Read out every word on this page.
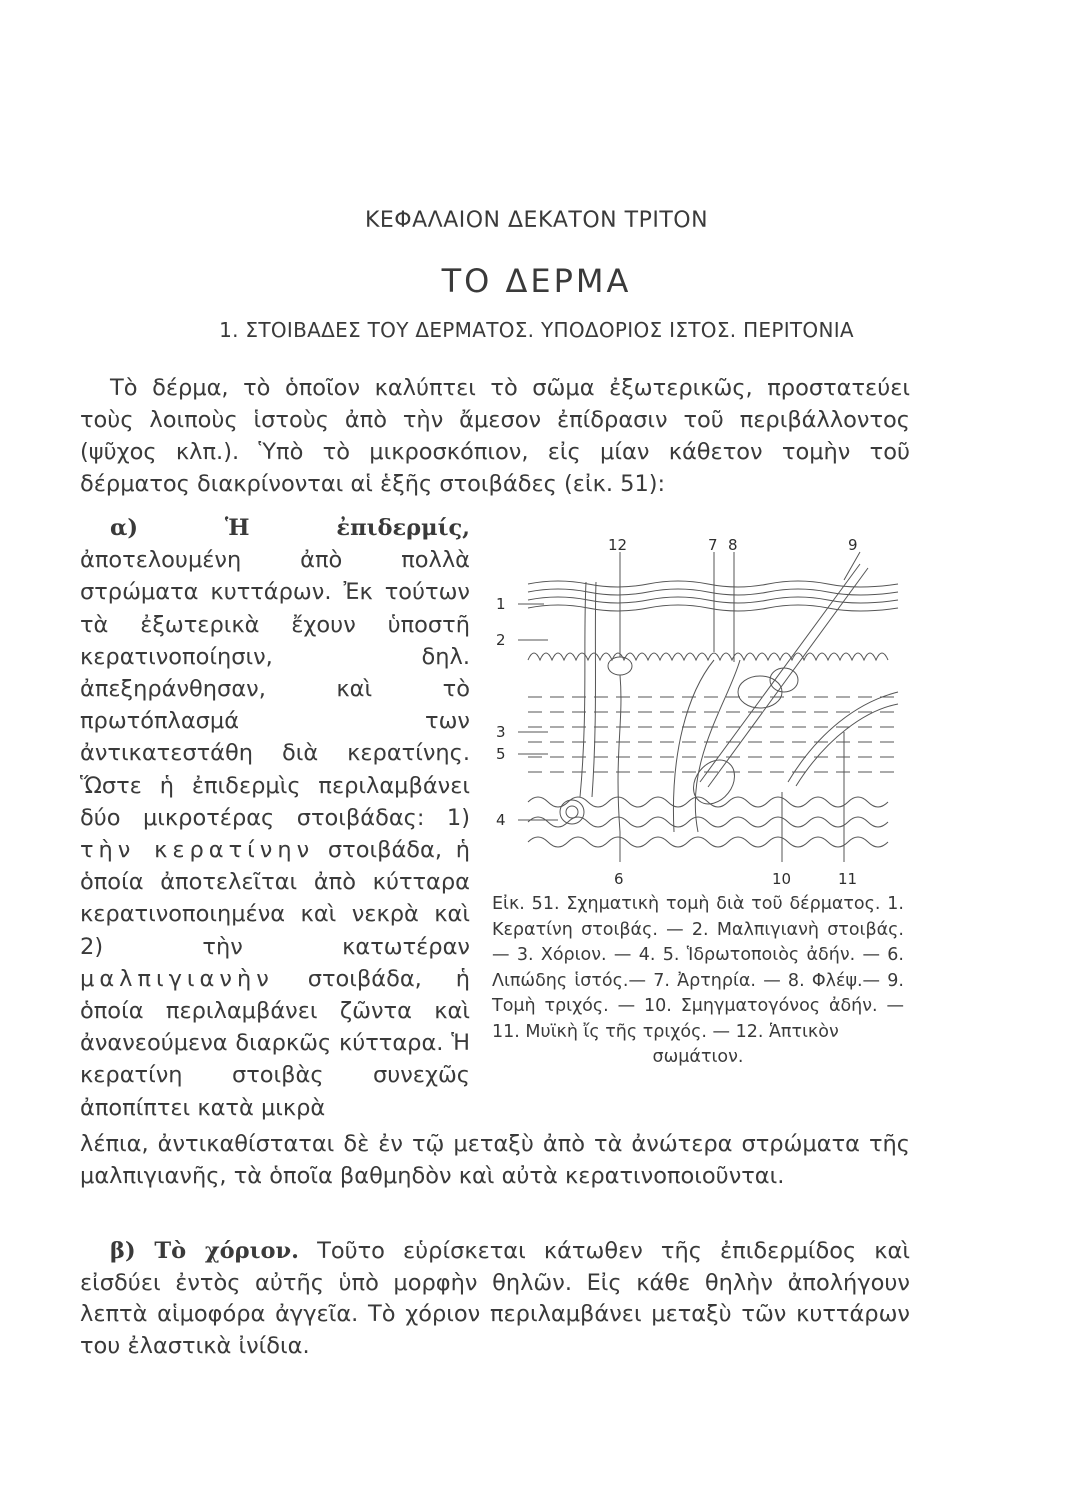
ΚΕΦΑΛΑΙΟΝ ΔΕΚΑΤΟΝ ΤΡΙΤΟΝ
ΤΟ ΔΕΡΜΑ
1. ΣΤΟΙΒΑΔΕΣ ΤΟΥ ΔΕΡΜΑΤΟΣ. ΥΠΟΔΟΡΙΟΣ ΙΣΤΟΣ. ΠΕΡΙΤΟΝΙΑ
Τὸ δέρμα, τὸ ὁποῖον καλύπτει τὸ σῶμα ἐξωτερικῶς, προστατεύει τοὺς λοιποὺς ἱστοὺς ἀπὸ τὴν ἄμεσον ἐπίδρασιν τοῦ περιβάλλοντος (ψῦχος κλπ.). Ὑπὸ τὸ μικροσκόπιον, εἰς μίαν κάθετον τομὴν τοῦ δέρματος διακρίνονται αἱ ἑξῆς στοιβάδες (εἰκ. 51):
α) Ἡ ἐπιδερμίς, ἀποτελουμένη ἀπὸ πολλὰ στρώματα κυττάρων. Ἐκ τούτων τὰ ἐξωτερικὰ ἔχουν ὑποστῆ κερατινοποίησιν, δηλ. ἀπεξηράνθησαν, καὶ τὸ πρωτόπλασμά των ἀντικατεστάθη διὰ κερατίνης. Ὥστε ἡ ἐπιδερμὶς περιλαμβάνει δύο μικροτέρας στοιβάδας: 1) τὴν κερατίνην στοιβάδα, ἡ ὁποία ἀποτελεῖται ἀπὸ κύτταρα κερατινοποιημένα καὶ νεκρὰ καὶ 2) τὴν κατωτέραν μαλπιγιανὴν στοιβάδα, ἡ ὁποία περιλαμβάνει ζῶντα καὶ ἀνανεούμενα διαρκῶς κύτταρα. Ἡ κερατίνη στοιβὰς συνεχῶς ἀποπίπτει κατὰ μικρὰ
12	7 8	9
1
2
3
5
4
6	10	11
Εἰκ. 51. Σχηματικὴ τομὴ διὰ τοῦ δέρματος. 1. Κερατίνη στοιβάς. — 2. Μαλπιγιανὴ στοιβάς. — 3. Χόριον. — 4. 5. Ἱδρωτοποιὸς ἀδήν. — 6. Λιπώδης ἱστός.— 7. Ἀρτηρία. — 8. Φλέψ.— 9. Τομὴ τριχός. — 10. Σμηγματογόνος ἀδήν. — 11. Μυϊκὴ ἴς τῆς τριχός. — 12. Ἁπτικὸν
σωμάτιον.
λέπια, ἀντικαθίσταται δὲ ἐν τῷ μεταξὺ ἀπὸ τὰ ἀνώτερα στρώματα τῆς μαλπιγιανῆς, τὰ ὁποῖα βαθμηδὸν καὶ αὐτὰ κερατινοποιοῦνται.
β) Τὸ χόριον. Τοῦτο εὑρίσκεται κάτωθεν τῆς ἐπιδερμίδος καὶ εἰσδύει ἐντὸς αὐτῆς ὑπὸ μορφὴν θηλῶν. Εἰς κάθε θηλὴν ἀπολήγουν λεπτὰ αἱμοφόρα ἀγγεῖα. Τὸ χόριον περιλαμβάνει μεταξὺ τῶν κυττάρων του ἐλαστικὰ ἰνίδια.
